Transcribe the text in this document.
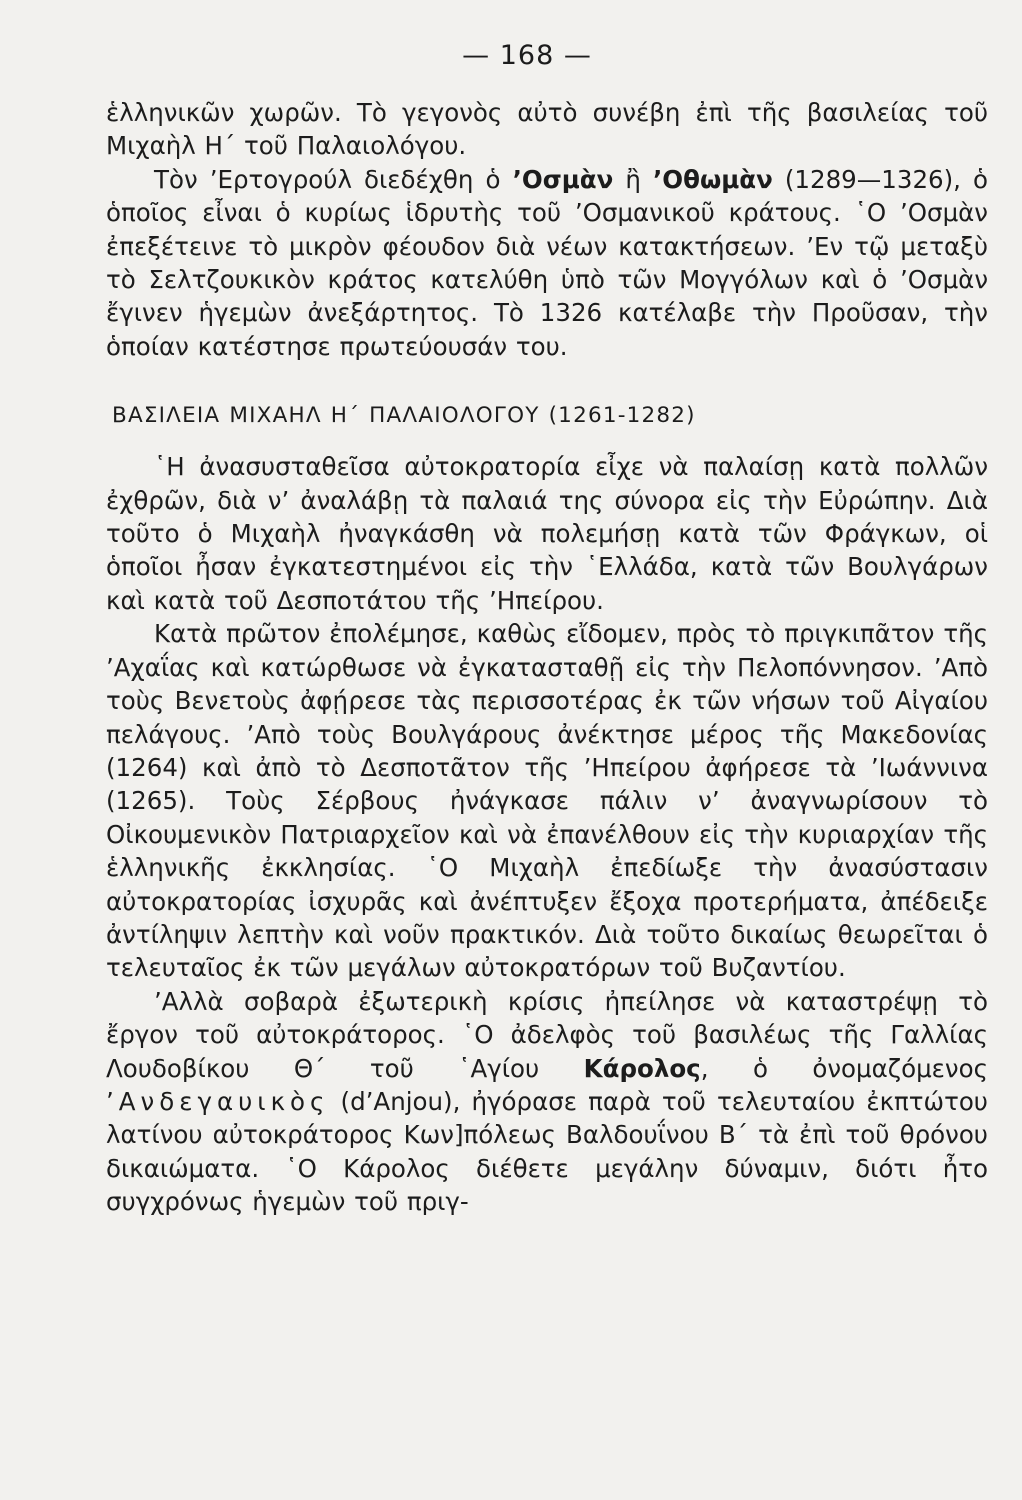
— 168 —

ἑλληνικῶν χωρῶν. Τὸ γεγονὸς αὐτὸ συνέβη ἐπὶ τῆς βασιλείας τοῦ Μιχαὴλ Η΄ τοῦ Παλαιολόγου.

Τὸν ’Ερτογρούλ διεδέχθη ὁ ’Οσμὰν ἢ ’Οθωμὰν (1289—1326), ὁ ὁποῖος εἶναι ὁ κυρίως ἱδρυτὴς τοῦ ’Οσμανικοῦ κράτους. ῾Ο ’Οσμὰν ἐπεξέτεινε τὸ μικρὸν φέουδον διὰ νέων κατακτήσεων. ’Εν τῷ μεταξὺ τὸ Σελτζουκικὸν κράτος κατελύθη ὑπὸ τῶν Μογγόλων καὶ ὁ ’Οσμὰν ἔγινεν ἡγεμὼν ἀνεξάρτητος. Τὸ 1326 κατέλαβε τὴν Προῦσαν, τὴν ὁποίαν κατέστησε πρωτεύουσάν του.

ΒΑΣΙΛΕΙΑ ΜΙΧΑΗΛ Η΄ ΠΑΛΑΙΟΛΟΓΟΥ (1261-1282)

῾Η ἀνασυσταθεῖσα αὐτοκρατορία εἶχε νὰ παλαίσῃ κατὰ πολλῶν ἐχθρῶν, διὰ ν’ ἀναλάβῃ τὰ παλαιά της σύνορα εἰς τὴν Εὐρώπην. Διὰ τοῦτο ὁ Μιχαὴλ ἠναγκάσθη νὰ πολεμήσῃ κατὰ τῶν Φράγκων, οἱ ὁποῖοι ἦσαν ἐγκατεστημένοι εἰς τὴν ῾Ελλάδα, κατὰ τῶν Βουλγάρων καὶ κατὰ τοῦ Δεσποτάτου τῆς ’Ηπείρου.

Κατὰ πρῶτον ἐπολέμησε, καθὼς εἴδομεν, πρὸς τὸ πριγκιπᾶτον τῆς ’Αχαΐας καὶ κατώρθωσε νὰ ἐγκατασταθῇ εἰς τὴν Πελοπόννησον. ’Απὸ τοὺς Βενετοὺς ἀφῄρεσε τὰς περισσοτέρας ἐκ τῶν νήσων τοῦ Αἰγαίου πελάγους. ’Απὸ τοὺς Βουλγάρους ἀνέκτησε μέρος τῆς Μακεδονίας (1264) καὶ ἀπὸ τὸ Δεσποτᾶτον τῆς ’Ηπείρου ἀφήρεσε τὰ ’Ιωάννινα (1265). Τοὺς Σέρβους ἠνάγκασε πάλιν ν’ ἀναγνωρίσουν τὸ Οἰκουμενικὸν Πατριαρχεῖον καὶ νὰ ἐπανέλθουν εἰς τὴν κυριαρχίαν τῆς ἑλληνικῆς ἐκκλησίας. ῾Ο Μιχαὴλ ἐπεδίωξε τὴν ἀνασύστασιν αὐτοκρατορίας ἰσχυρᾶς καὶ ἀνέπτυξεν ἔξοχα προτερήματα, ἀπέδειξε ἀντίληψιν λεπτὴν καὶ νοῦν πρακτικόν. Διὰ τοῦτο δικαίως θεωρεῖται ὁ τελευταῖος ἐκ τῶν μεγάλων αὐτοκρατόρων τοῦ Βυζαντίου.

’Αλλὰ σοβαρὰ ἐξωτερικὴ κρίσις ἠπείλησε νὰ καταστρέψῃ τὸ ἔργον τοῦ αὐτοκράτορος. ῾Ο ἀδελφὸς τοῦ βασιλέως τῆς Γαλλίας Λουδοβίκου Θ΄ τοῦ ῾Αγίου Κάρολος, ὁ ὀνομαζόμενος ’Ανδεγαυικὸς (d’Anjou), ἠγόρασε παρὰ τοῦ τελευταίου ἐκπτώτου λατίνου αὐτοκράτορος Κων]πόλεως Βαλδουΐνου Β΄ τὰ ἐπὶ τοῦ θρόνου δικαιώματα. ῾Ο Κάρολος διέθετε μεγάλην δύναμιν, διότι ἦτο συγχρόνως ἡγεμὼν τοῦ πριγ-
